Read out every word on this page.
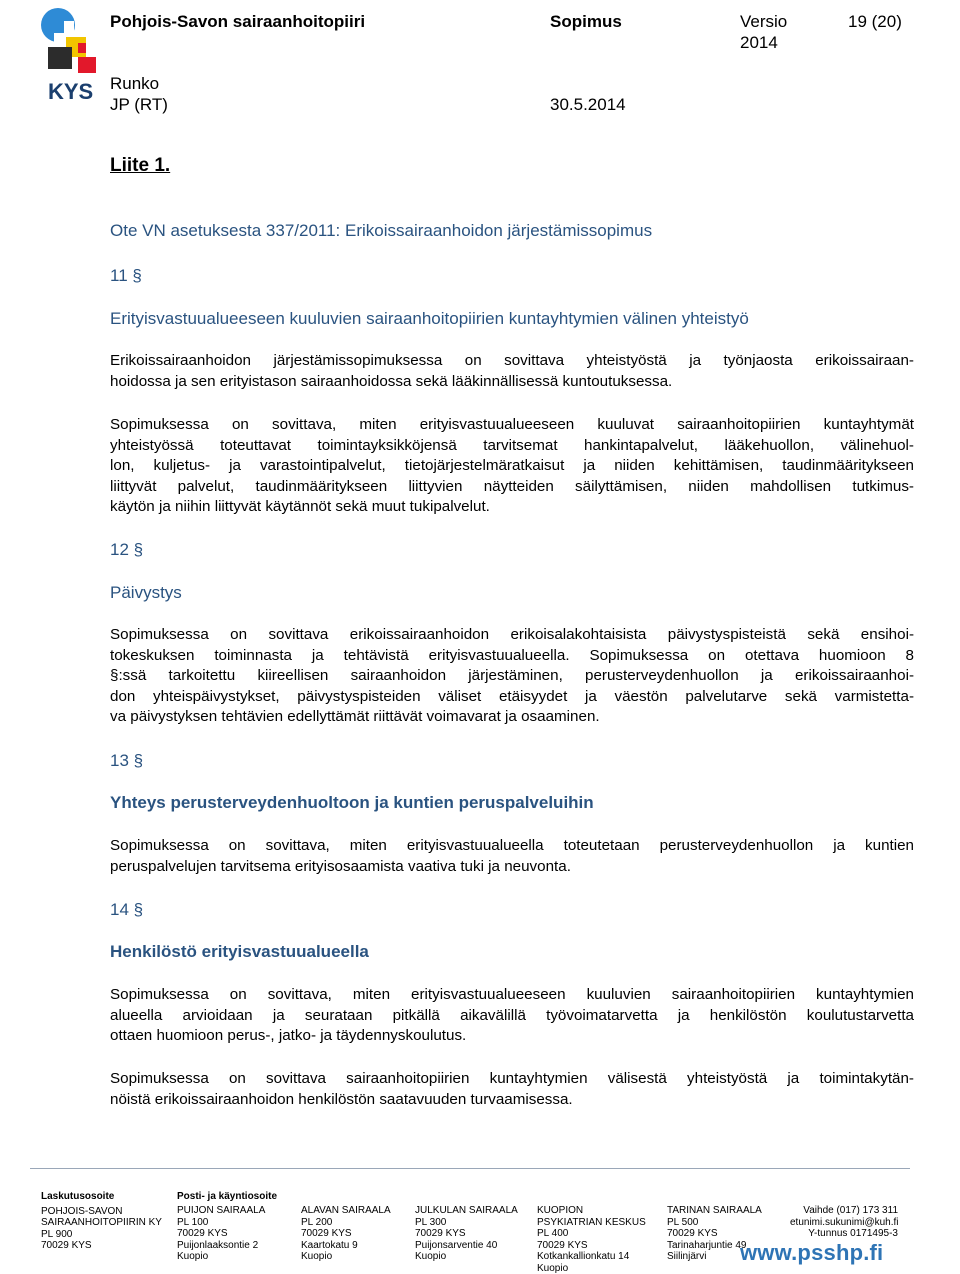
KYS
Pohjois-Savon sairaanhoitopiiri	Sopimus	Versio
2014
19 (20)
Runko
JP (RT)	30.5.2014
Liite 1.
Ote VN asetuksesta 337/2011: Erikoissairaanhoidon järjestämissopimus
11 §
Erityisvastuualueeseen kuuluvien sairaanhoitopiirien kuntayhtymien välinen yhteistyö
Erikoissairaanhoidon järjestämissopimuksessa on sovittava yhteistyöstä ja työnjaosta erikoissairaan-
hoidossa ja sen erityistason sairaanhoidossa sekä lääkinnällisessä kuntoutuksessa.
Sopimuksessa on sovittava, miten erityisvastuualueeseen kuuluvat sairaanhoitopiirien kuntayhtymät
yhteistyössä toteuttavat toimintayksikköjensä tarvitsemat hankintapalvelut, lääkehuollon, välinehuol-
lon, kuljetus- ja varastointipalvelut, tietojärjestelmäratkaisut ja niiden kehittämisen, taudinmääritykseen
liittyvät palvelut, taudinmääritykseen liittyvien näytteiden säilyttämisen, niiden mahdollisen tutkimus-
käytön ja niihin liittyvät käytännöt sekä muut tukipalvelut.
12 §
Päivystys
Sopimuksessa on sovittava erikoissairaanhoidon erikoisalakohtaisista päivystyspisteistä sekä ensihoi-
tokeskuksen toiminnasta ja tehtävistä erityisvastuualueella. Sopimuksessa on otettava huomioon 8
§:ssä tarkoitettu kiireellisen sairaanhoidon järjestäminen, perusterveydenhuollon ja erikoissairaanhoi-
don yhteispäivystykset, päivystyspisteiden väliset etäisyydet ja väestön palvelutarve sekä varmistetta-
va päivystyksen tehtävien edellyttämät riittävät voimavarat ja osaaminen.
13 §
Yhteys perusterveydenhuoltoon ja kuntien peruspalveluihin
Sopimuksessa on sovittava, miten erityisvastuualueella toteutetaan perusterveydenhuollon ja kuntien
peruspalvelujen tarvitsema erityisosaamista vaativa tuki ja neuvonta.
14 §
Henkilöstö erityisvastuualueella
Sopimuksessa on sovittava, miten erityisvastuualueeseen kuuluvien sairaanhoitopiirien kuntayhtymien
alueella arvioidaan ja seurataan pitkällä aikavälillä työvoimatarvetta ja henkilöstön koulutustarvetta
ottaen huomioon perus-, jatko- ja täydennyskoulutus.
Sopimuksessa on sovittava sairaanhoitopiirien kuntayhtymien välisestä yhteistyöstä ja toimintakytän-
nöistä erikoissairaanhoidon henkilöstön saatavuuden turvaamisessa.
Laskutusosoite
POHJOIS-SAVON
SAIRAANHOITOPIIRIN KY
PL 900
70029 KYS
Posti- ja käyntiosoite
PUIJON SAIRAALA
PL 100
70029 KYS
Puijonlaaksontie 2
Kuopio
ALAVAN SAIRAALA
PL 200
70029 KYS
Kaartokatu 9
Kuopio
JULKULAN SAIRAALA
PL 300
70029 KYS
Puijonsarventie 40
Kuopio
KUOPION
PSYKIATRIAN KESKUS
PL 400
70029 KYS
Kotkankallionkatu 14
Kuopio
TARINAN SAIRAALA
PL 500
70029 KYS
Tarinaharjuntie 49
Siilinjärvi
Vaihde (017) 173 311
etunimi.sukunimi@kuh.fi
Y-tunnus 0171495-3
www.psshp.fi
